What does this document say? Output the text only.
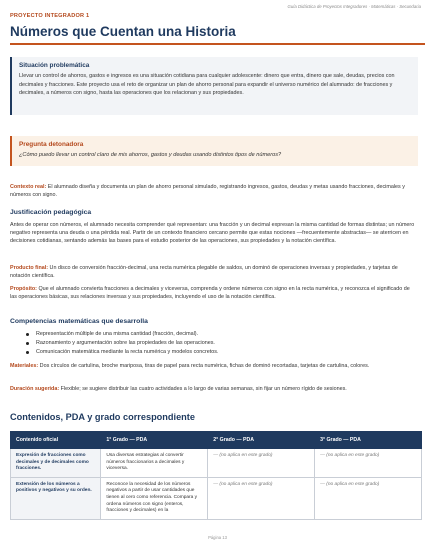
Guía Didáctica de Proyectos Integradores · Matemáticas · Secundaria
PROYECTO INTEGRADOR 1
Números que Cuentan una Historia
Situación problemática
Llevar un control de ahorros, gastos e ingresos es una situación cotidiana para cualquier adolescente: dinero que entra, dinero que sale, deudas, precios con decimales y fracciones. Este proyecto usa el reto de organizar un plan de ahorro personal para expandir el universo numérico del alumnado: de fracciones y decimales, a números con signo, hasta las operaciones que los relacionan y sus propiedades.
Pregunta detonadora
¿Cómo puedo llevar un control claro de mis ahorros, gastos y deudas usando distintos tipos de números?
Contexto real: El alumnado diseña y documenta un plan de ahorro personal simulado, registrando ingresos, gastos, deudas y metas usando fracciones, decimales y números con signo.
Justificación pedagógica
Antes de operar con números, el alumnado necesita comprender qué representan: una fracción y un decimal expresan la misma cantidad de formas distintas; un número negativo representa una deuda o una pérdida real. Partir de un contexto financiero cercano permite que estas nociones —frecuentemente abstractas— se aterricen en decisiones cotidianas, sentando además las bases para el estudio posterior de las operaciones, sus propiedades y la notación científica.
Producto final: Un disco de conversión fracción-decimal, una recta numérica plegable de saldos, un dominó de operaciones inversas y propiedades, y tarjetas de notación científica.
Propósito: Que el alumnado convierta fracciones a decimales y viceversa, comprenda y ordene números con signo en la recta numérica, y reconozca el significado de las operaciones básicas, sus relaciones inversas y sus propiedades, incluyendo el uso de la notación científica.
Competencias matemáticas que desarrolla
Representación múltiple de una misma cantidad (fracción, decimal).
Razonamiento y argumentación sobre las propiedades de las operaciones.
Comunicación matemática mediante la recta numérica y modelos concretos.
Materiales: Dos círculos de cartulina, broche mariposa, tiras de papel para recta numérica, fichas de dominó recortadas, tarjetas de cartulina, colores.
Duración sugerida: Flexible; se sugiere distribuir las cuatro actividades a lo largo de varias semanas, sin fijar un número rígido de sesiones.
Contenidos, PDA y grado correspondiente
Contenido oficial	1° Grado — PDA	2° Grado — PDA	3° Grado — PDA
Expresión de fracciones como decimales y de decimales como fracciones.	Usa diversas estrategias al convertir números fraccionarios a decimales y viceversa.	— (no aplica en este grado)	— (no aplica en este grado)
Extensión de los números a positivos y negativos y su orden.	Reconoce la necesidad de los números negativos a partir de usar cantidades que tienen al cero como referencia. Compara y ordena números con signo (enteros, fracciones y decimales) en la	— (no aplica en este grado)	— (no aplica en este grado)
Página 13
